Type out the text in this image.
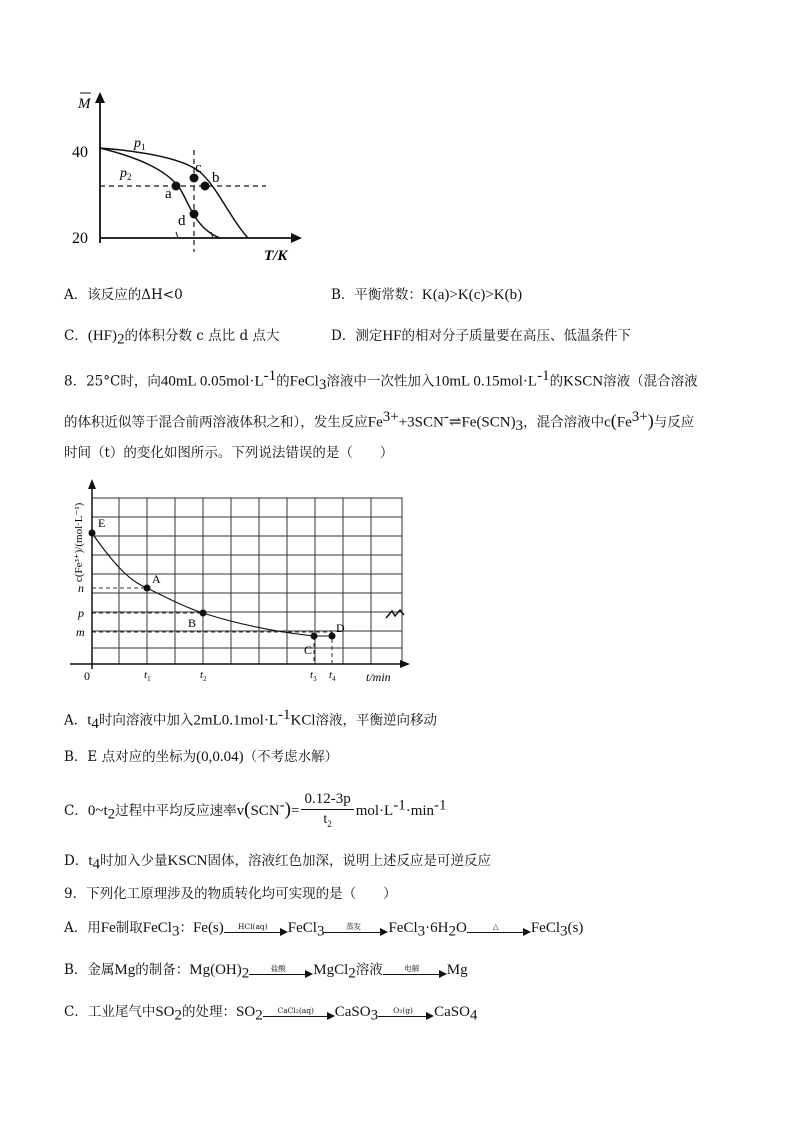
M
T/K
40
20
a
b
c
d
$p_1$
$p_2$
A．该反应的ΔH<0	B．平衡常数：K(a)>K(c)>K(b)
C．$(HF)_2$的体积分数 c 点比 d 点大	D．测定HF的相对分子质量要在高压、低温条件下
8．25°C时，向40mL $0.05mol\cdot L^{-1}$的FeCl$_3$溶液中一次性加入10mL $0.15mol\cdot L^{-1}$的KSCN溶液（混合溶液
的体积近似等于混合前两溶液体积之和），发生反应$Fe^{3+}+3SCN^-\rightleftharpoons Fe(SCN)_3$，混合溶液中$c(Fe^{3+})$与反应
时间（t）的变化如图所示。下列说法错误的是（　　）
E
A
B
C
D
n
p
m
0	$t_1$	$t_2$	$t_3$ $t_4$	t/min
c(Fe³⁺)/(mol·L⁻¹)
A．$t_4$时向溶液中加入$2mL0.1mol\cdot L^{-1}KCl$溶液，平衡逆向移动
B．E 点对应的坐标为(0,0.04)（不考虑水解）
C．$0\sim t_2$过程中平均反应速率$v(SCN^-)= \frac{0.12-3p}{t_2} mol\cdot L^{-1}\cdot\min^{-1}$
D．$t_4$时加入少量KSCN固体，溶液红色加深，说明上述反应是可逆反应
9．下列化工原理涉及的物质转化均可实现的是（　　）
A．用Fe制取FeCl$_3$：Fe(s)	HCl(aq)	FeCl$_3$	蒸发	$FeCl_3\cdot 6H_2O$	△	FeCl$_3$(s)
B．金属Mg的制备：$Mg(OH)_2$	盐酸	MgCl$_2$溶液	电解	Mg
C．工业尾气中$SO_2$的处理：$SO_2$	CaCl₂(aq)	CaSO$_3$	O₂(g)	CaSO$_4$
